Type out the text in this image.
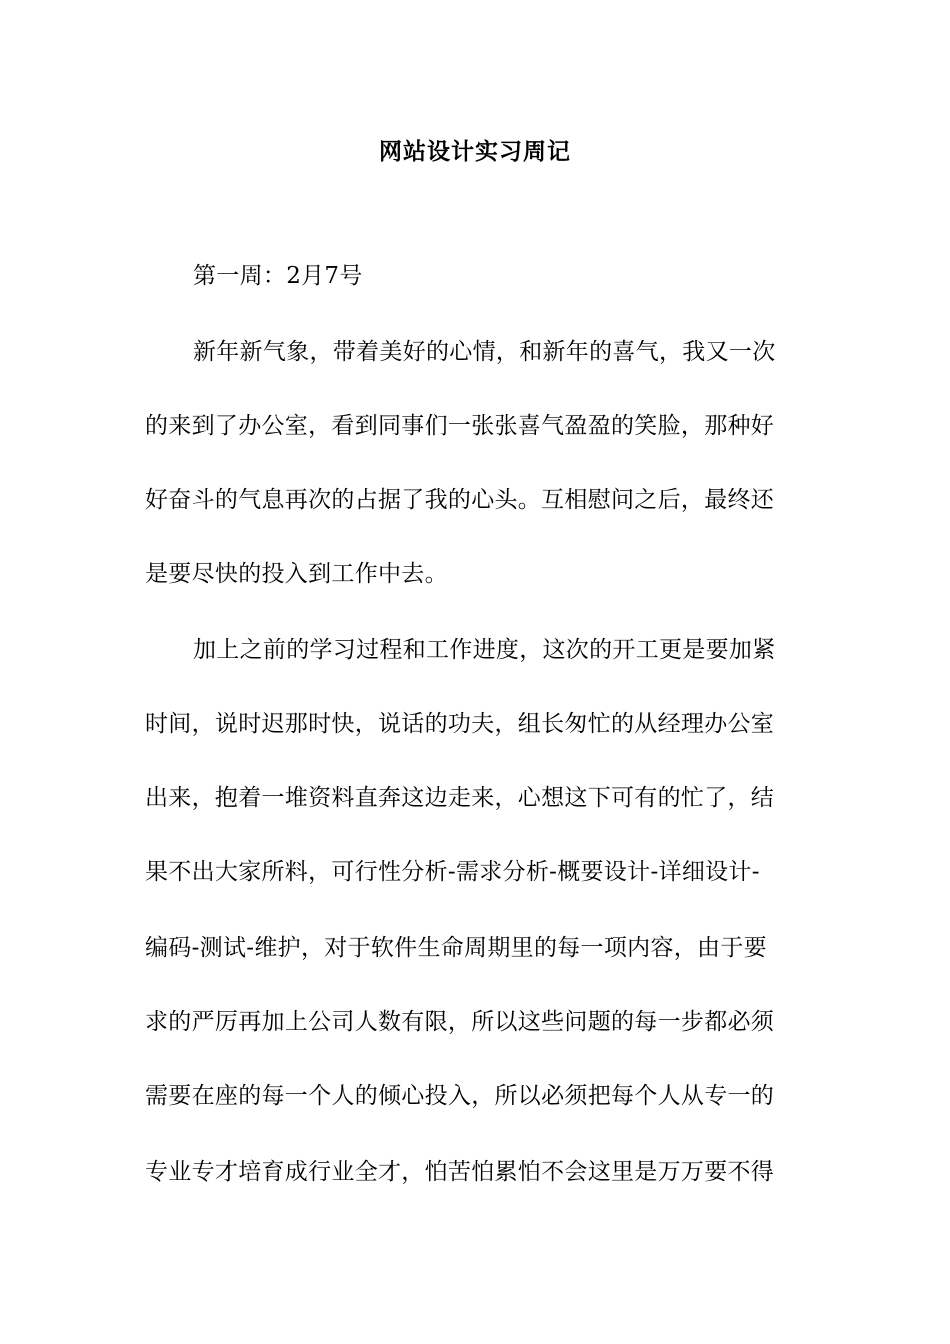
网站设计实习周记
第一周：2月7号
新年新气象，带着美好的心情，和新年的喜气，我又一次
的来到了办公室，看到同事们一张张喜气盈盈的笑脸，那种好
好奋斗的气息再次的占据了我的心头。互相慰问之后，最终还
是要尽快的投入到工作中去。
加上之前的学习过程和工作进度，这次的开工更是要加紧
时间，说时迟那时快，说话的功夫，组长匆忙的从经理办公室
出来，抱着一堆资料直奔这边走来，心想这下可有的忙了，结
果不出大家所料，可行性分析-需求分析-概要设计-详细设计-
编码-测试-维护，对于软件生命周期里的每一项内容，由于要
求的严厉再加上公司人数有限，所以这些问题的每一步都必须
需要在座的每一个人的倾心投入，所以必须把每个人从专一的
专业专才培育成行业全才，怕苦怕累怕不会这里是万万要不得
